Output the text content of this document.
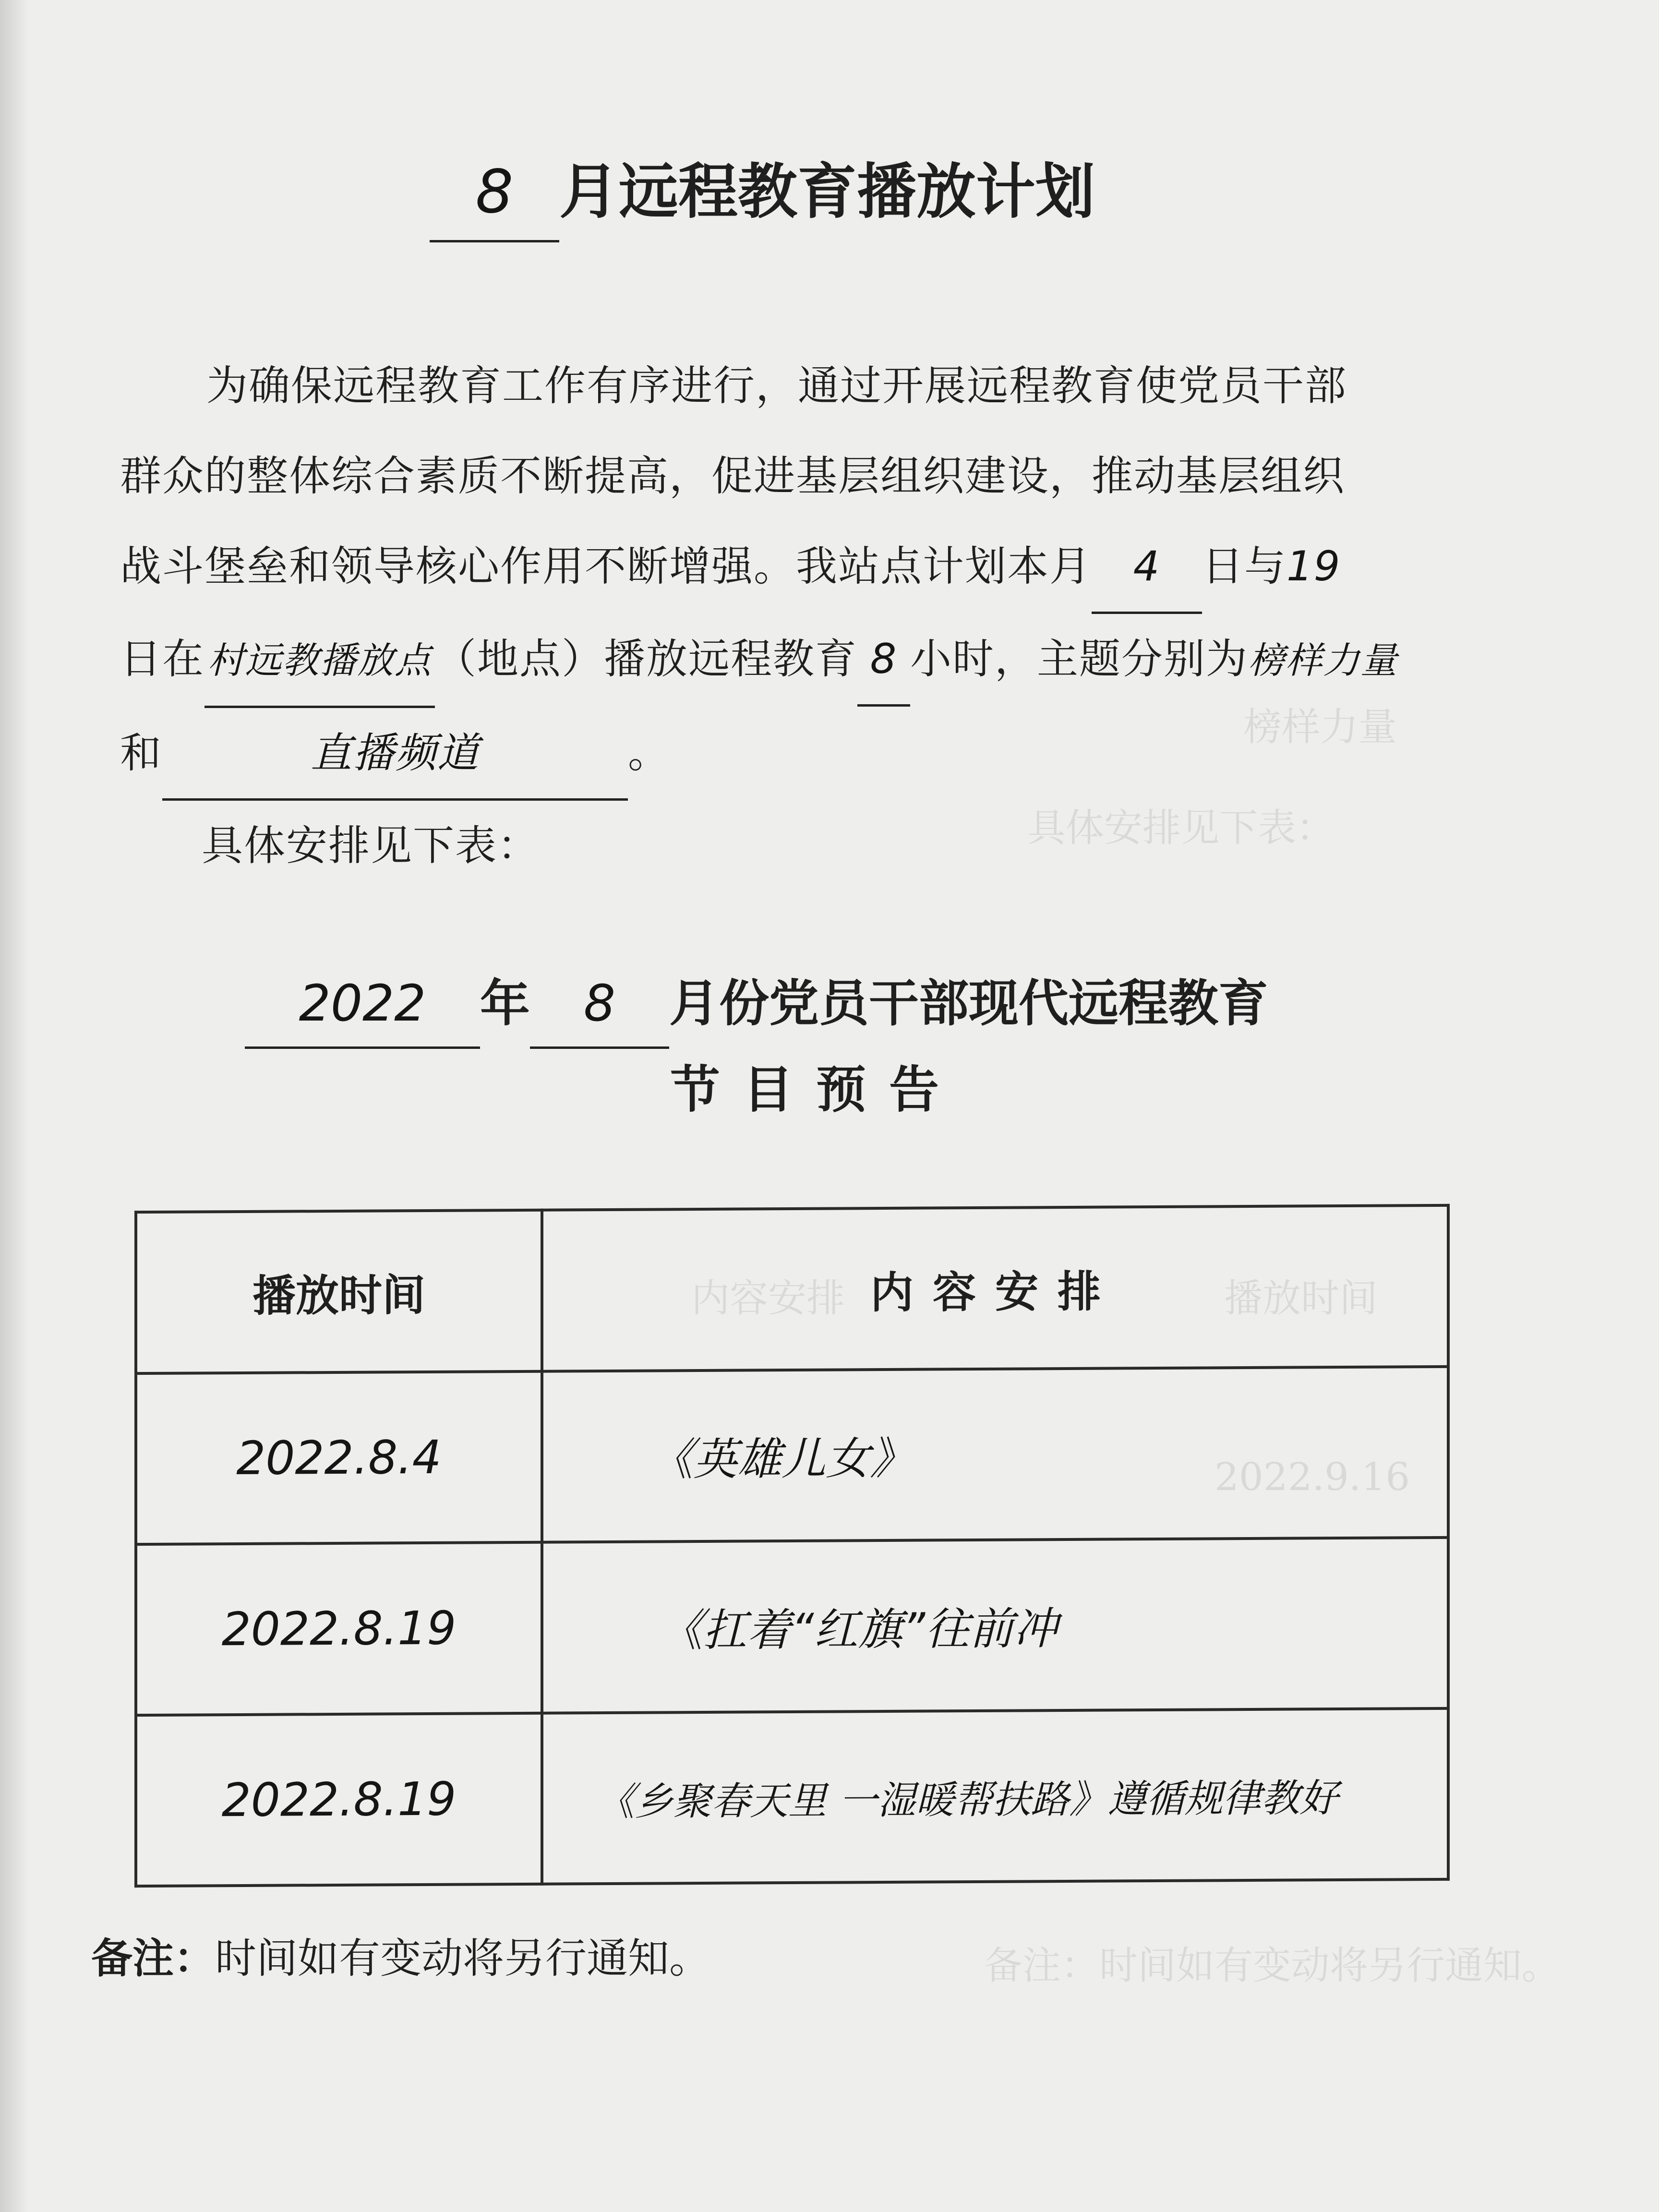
榜样力量
具体安排见下表：
播放时间
内容安排
2022.9.16
备注：时间如有变动将另行通知。
8 月远程教育播放计划

为确保远程教育工作有序进行，通过开展远程教育使党员干部

群众的整体综合素质不断提高，促进基层组织建设，推动基层组织

战斗堡垒和领导核心作用不断增强。我站点计划本月 4 日与19

日在村远教播放点（地点）播放远程教育 8 小时，主题分别为榜样力量

和	直播频道	。

具体安排见下表：

2022 年 8 月份党员干部现代远程教育
节目预告
播放时间	内容安排
2022.8.4	《英雄儿女》
2022.8.19	《扛着“红旗”往前冲
2022.8.19	《乡聚春天里 一湿暖帮扶路》遵循规律教好
备注：时间如有变动将另行通知。
